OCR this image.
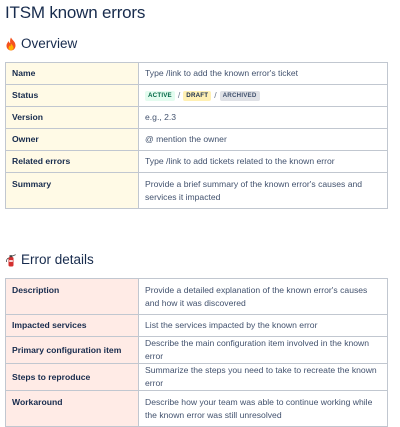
ITSM known errors
Overview
Name	Type /link to add the known error's ticket
Status	ACTIVE / DRAFT / ARCHIVED
Version	e.g., 2.3
Owner	@ mention the owner
Related errors	Type /link to add tickets related to the known error
Summary	Provide a brief summary of the known error's causes and services it impacted
Error details
Description	Provide a detailed explanation of the known error's causes and how it was discovered
Impacted services	List the services impacted by the known error
Primary configuration item	Describe the main configuration item involved in the known error
Steps to reproduce	Summarize the steps you need to take to recreate the known error
Workaround	Describe how your team was able to continue working while the known error was still unresolved
